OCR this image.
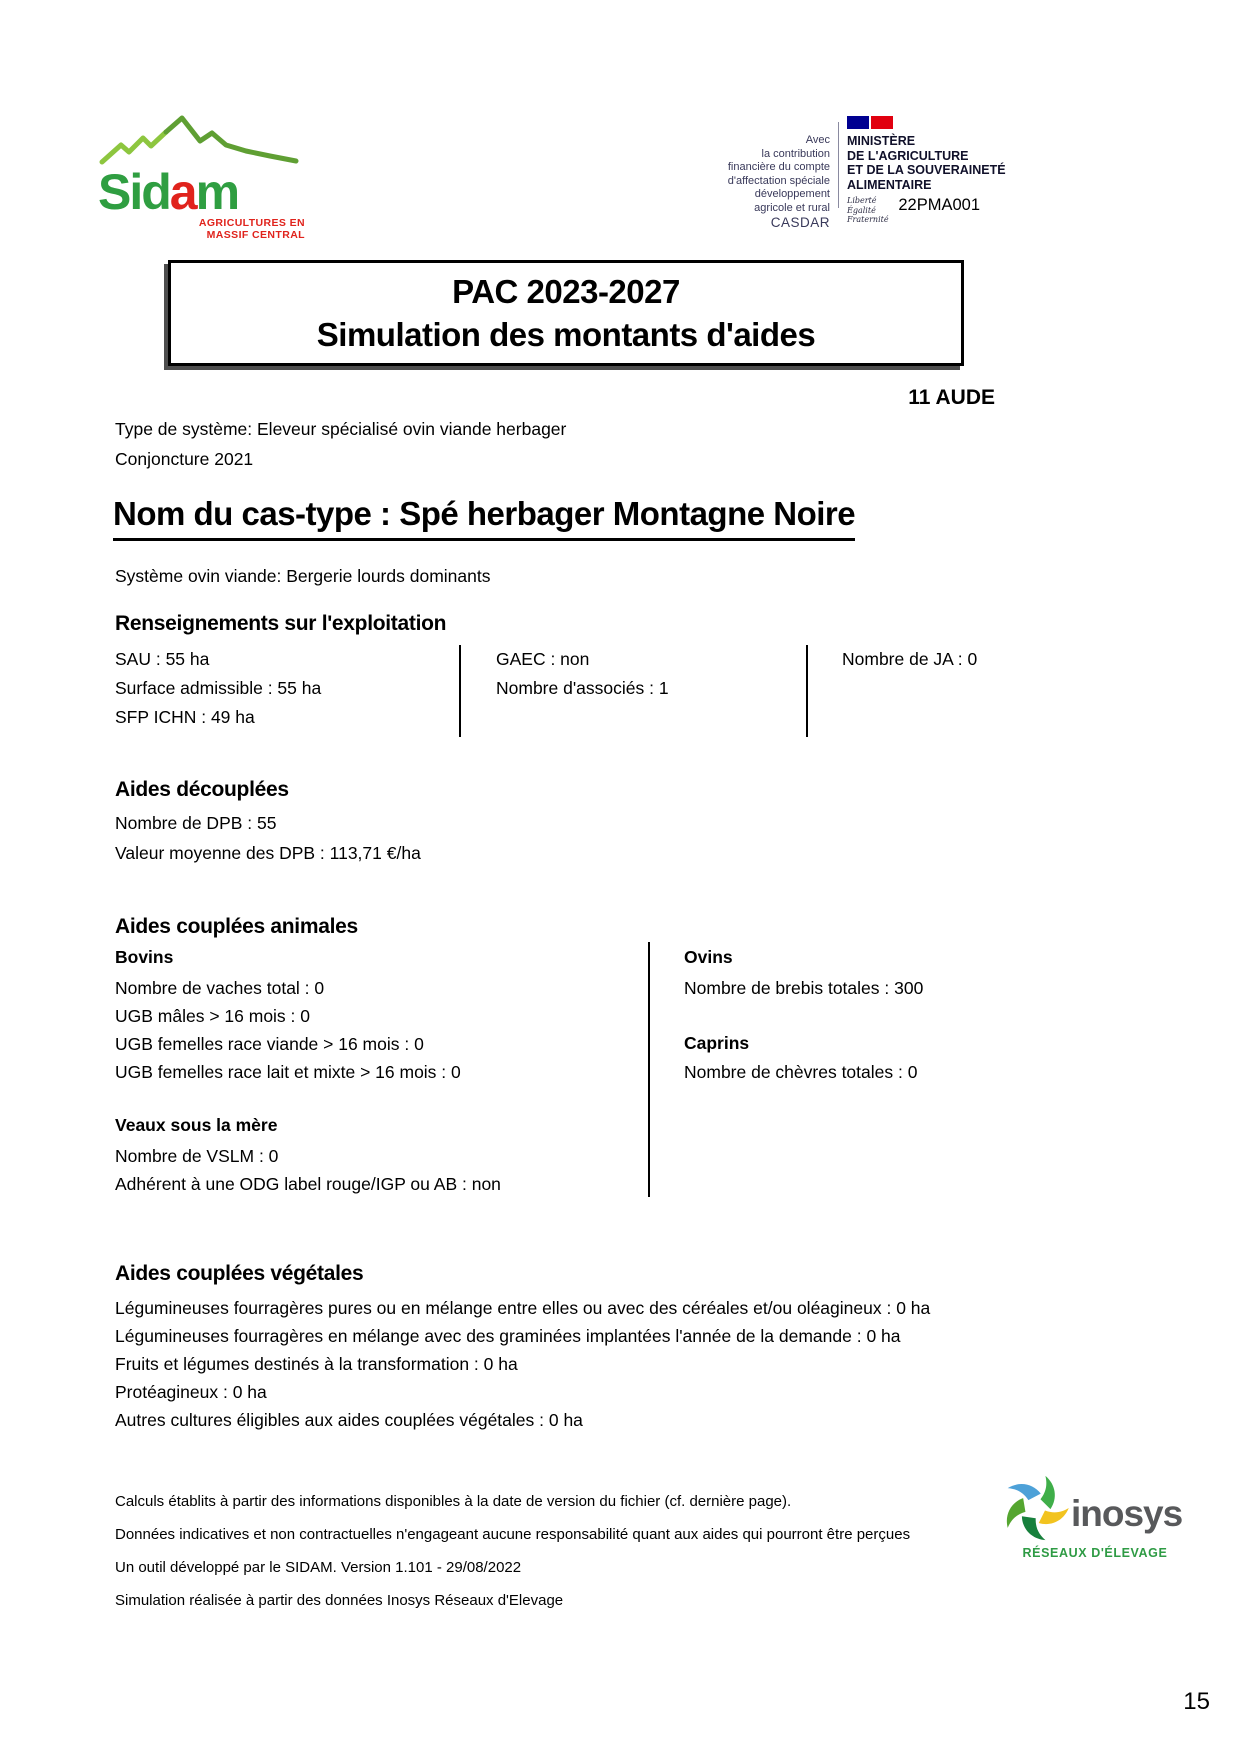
Sidam
AGRICULTURES EN
MASSIF CENTRAL
Avec
la contribution
financière du compte
d'affectation spéciale
développement
agricole et rural
CASDAR
MINISTÈRE
DE L'AGRICULTURE
ET DE LA SOUVERAINETÉ
ALIMENTAIRE
Liberté
Égalité
Fraternité
22PMA001
PAC 2023-2027
Simulation des montants d'aides
11 AUDE
Type de système: Eleveur spécialisé ovin viande herbager
Conjoncture 2021
Nom du cas-type : Spé herbager Montagne Noire
Système ovin viande: Bergerie lourds dominants
Renseignements sur l'exploitation
SAU : 55 ha
Surface admissible : 55 ha
SFP ICHN : 49 ha
GAEC : non
Nombre d'associés : 1
Nombre de JA : 0
Aides découplées
Nombre de DPB : 55
Valeur moyenne des DPB : 113,71 €/ha
Aides couplées animales
Bovins
Nombre de vaches total : 0
UGB mâles > 16 mois : 0
UGB femelles race viande > 16 mois : 0
UGB femelles race lait et mixte > 16 mois : 0
Veaux sous la mère
Nombre de VSLM : 0
Adhérent à une ODG label rouge/IGP ou AB : non
Ovins
Nombre de brebis totales : 300
Caprins
Nombre de chèvres totales : 0
Aides couplées végétales
Légumineuses fourragères pures ou en mélange entre elles ou avec des céréales et/ou oléagineux : 0 ha
Légumineuses fourragères en mélange avec des graminées implantées l'année de la demande : 0 ha
Fruits et légumes destinés à la transformation : 0 ha
Protéagineux : 0 ha
Autres cultures éligibles aux aides couplées végétales : 0 ha
Calculs établits à partir des informations disponibles à la date de version du fichier (cf. dernière page).
Données indicatives et non contractuelles n'engageant aucune responsabilité quant aux aides qui pourront être perçues
Un outil développé par le SIDAM. Version 1.101 - 29/08/2022
Simulation réalisée à partir des données Inosys Réseaux d'Elevage
inosys
RÉSEAUX D'ÉLEVAGE
15
